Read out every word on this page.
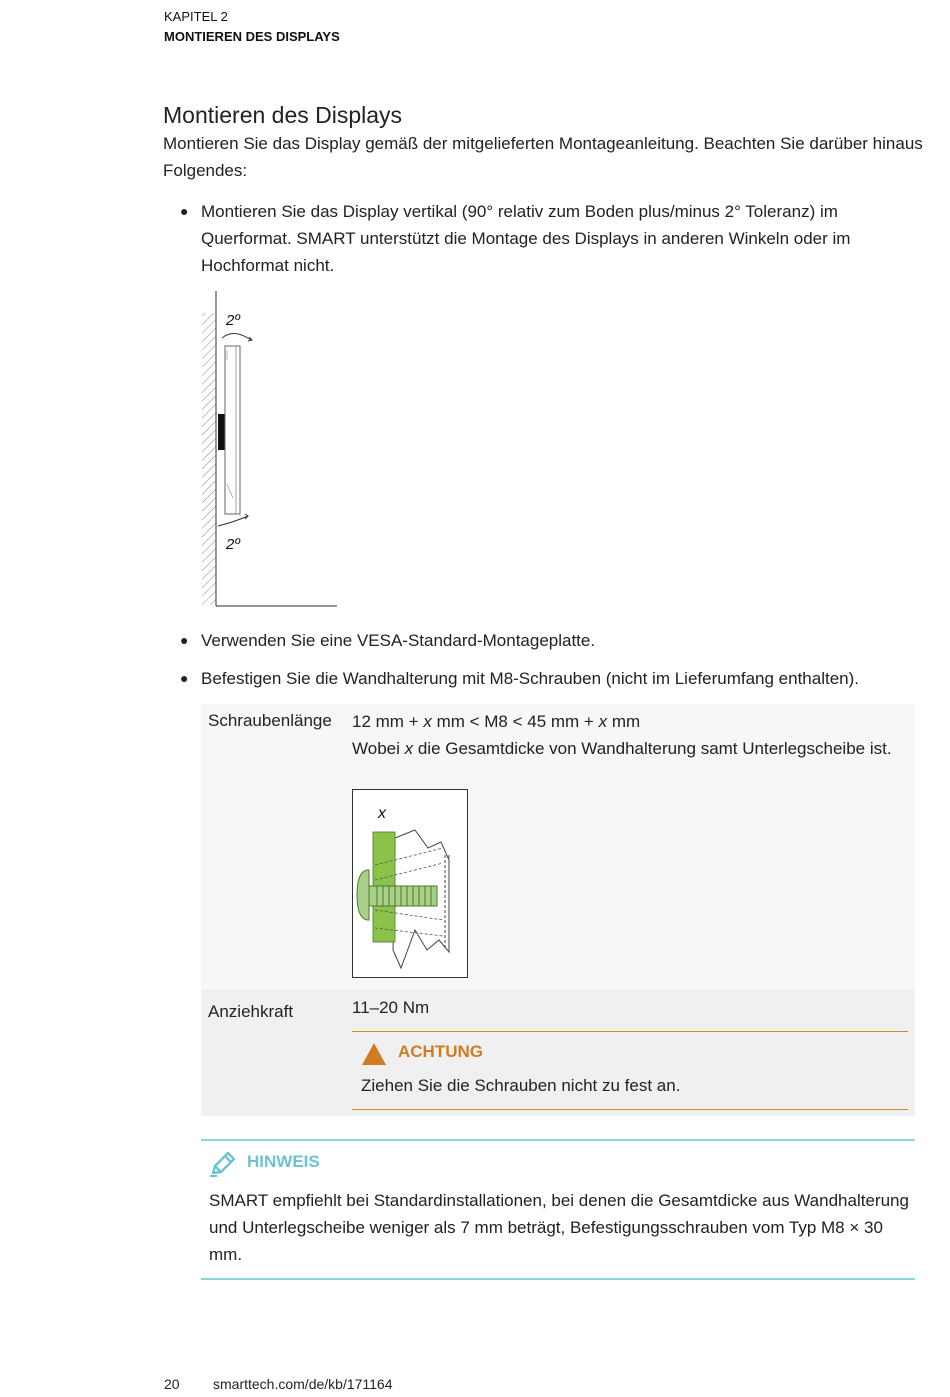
KAPITEL 2
MONTIEREN DES DISPLAYS
Montieren des Displays
Montieren Sie das Display gemäß der mitgelieferten Montageanleitung. Beachten Sie darüber hinaus Folgendes:
● Montieren Sie das Display vertikal (90° relativ zum Boden plus/minus 2° Toleranz) im Querformat. SMART unterstützt die Montage des Displays in anderen Winkeln oder im Hochformat nicht.
2º
2º
● Verwenden Sie eine VESA-Standard-Montageplatte.
● Befestigen Sie die Wandhalterung mit M8-Schrauben (nicht im Lieferumfang enthalten).
Schraubenlänge 12 mm + x mm < M8 < 45 mm + x mm
Wobei x die Gesamtdicke von Wandhalterung samt Unterlegscheibe ist.
x
Anziehkraft	11–20 Nm
ACHTUNG
Ziehen Sie die Schrauben nicht zu fest an.
HINWEIS
SMART empfiehlt bei Standardinstallationen, bei denen die Gesamtdicke aus Wandhalterung und Unterlegscheibe weniger als 7 mm beträgt, Befestigungsschrauben vom Typ M8 × 30 mm.
20 smarttech.com/de/kb/171164
